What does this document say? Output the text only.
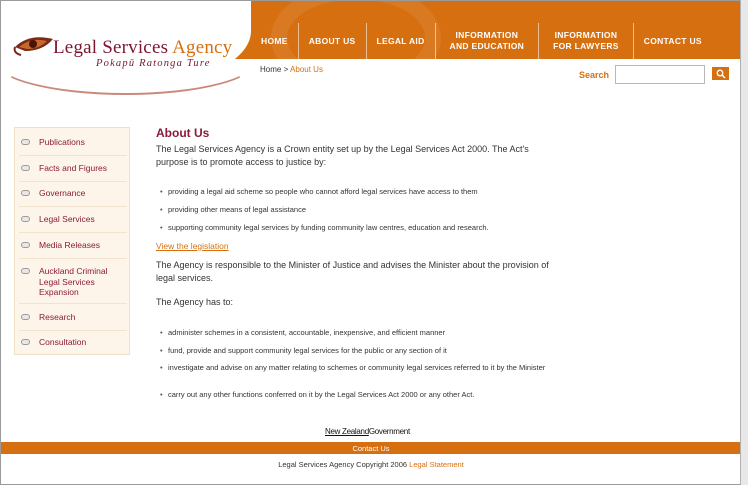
Legal Services Agency
Pokapū Ratonga Ture
HOME ABOUT US LEGAL AID
INFORMATION
AND EDUCATION
INFORMATION
FOR LAWYERS
CONTACT US
Home > About Us
Search
Publications
Facts and Figures
Governance
Legal Services
Media Releases
Auckland Criminal Legal Services Expansion
Research
Consultation
About Us
The Legal Services Agency is a Crown entity set up by the Legal Services Act 2000. The Act's purpose is to promote access to justice by:
• providing a legal aid scheme so people who cannot afford legal services have access to them
• providing other means of legal assistance
• supporting community legal services by funding community law centres, education and research.
View the legislation
The Agency is responsible to the Minister of Justice and advises the Minister about the provision of legal services.
The Agency has to:
• administer schemes in a consistent, accountable, inexpensive, and efficient manner
• fund, provide and support community legal services for the public or any section of it
• investigate and advise on any matter relating to schemes or community legal services referred to it by the Minister
• carry out any other functions conferred on it by the Legal Services Act 2000 or any other Act.
New ZealandGovernment
Contact Us
Legal Services Agency Copyright 2006 Legal Statement
